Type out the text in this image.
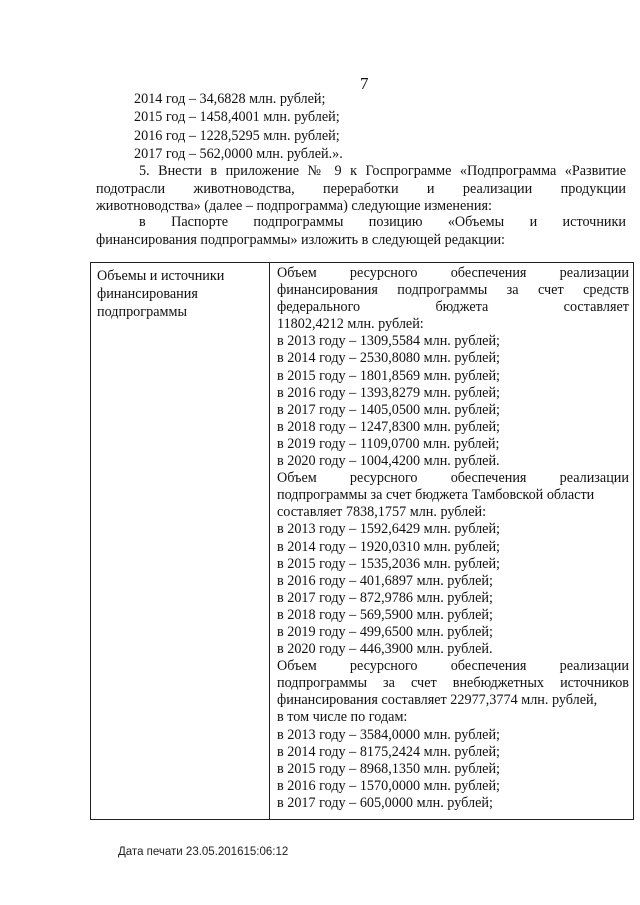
7
2014 год – 34,6828 млн. рублей;
2015 год – 1458,4001 млн. рублей;
2016 год – 1228,5295 млн. рублей;
2017 год – 562,0000 млн. рублей.».
5. Внести в приложение № 9 к Госпрограмме «Подпрограмма «Развитие
подотрасли животноводства, переработки и реализации продукции
животноводства» (далее – подпрограмма) следующие изменения:
в Паспорте подпрограммы позицию «Объемы и источники
финансирования подпрограммы» изложить в следующей редакции:
Объемы и источники
финансирования
подпрограммы
Объем ресурсного обеспечения реализации
финансирования подпрограммы за счет средств
федерального бюджета составляет
11802,4212 млн. рублей:
в 2013 году – 1309,5584 млн. рублей;
в 2014 году – 2530,8080 млн. рублей;
в 2015 году – 1801,8569 млн. рублей;
в 2016 году – 1393,8279 млн. рублей;
в 2017 году – 1405,0500 млн. рублей;
в 2018 году – 1247,8300 млн. рублей;
в 2019 году – 1109,0700 млн. рублей;
в 2020 году – 1004,4200 млн. рублей.
Объем ресурсного обеспечения реализации
подпрограммы за счет бюджета Тамбовской области
составляет 7838,1757 млн. рублей:
в 2013 году – 1592,6429 млн. рублей;
в 2014 году – 1920,0310 млн. рублей;
в 2015 году – 1535,2036 млн. рублей;
в 2016 году – 401,6897 млн. рублей;
в 2017 году – 872,9786 млн. рублей;
в 2018 году – 569,5900 млн. рублей;
в 2019 году – 499,6500 млн. рублей;
в 2020 году – 446,3900 млн. рублей.
Объем ресурсного обеспечения реализации
подпрограммы за счет внебюджетных источников
финансирования составляет 22977,3774 млн. рублей,
в том числе по годам:
в 2013 году – 3584,0000 млн. рублей;
в 2014 году – 8175,2424 млн. рублей;
в 2015 году – 8968,1350 млн. рублей;
в 2016 году – 1570,0000 млн. рублей;
в 2017 году – 605,0000 млн. рублей;
Дата печати 23.05.201615:06:12
